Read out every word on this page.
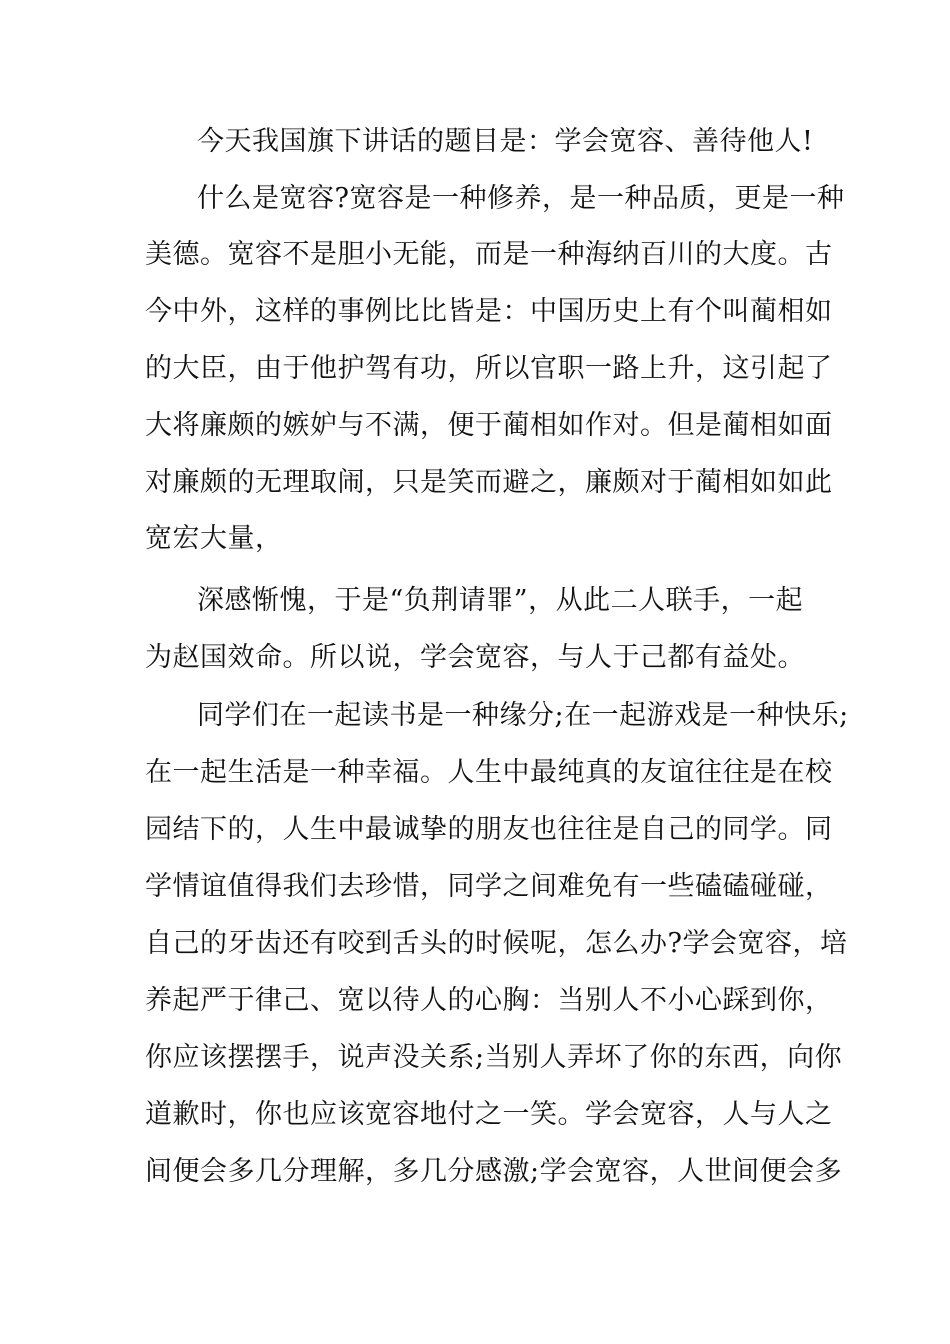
今天我国旗下讲话的题目是：学会宽容、善待他人!

什么是宽容?宽容是一种修养，是一种品质，更是一种

美德。宽容不是胆小无能，而是一种海纳百川的大度。古

今中外，这样的事例比比皆是：中国历史上有个叫蔺相如

的大臣，由于他护驾有功，所以官职一路上升，这引起了

大将廉颇的嫉妒与不满，便于蔺相如作对。但是蔺相如面

对廉颇的无理取闹，只是笑而避之，廉颇对于蔺相如如此

宽宏大量，

深感惭愧，于是“负荆请罪”，从此二人联手，一起

为赵国效命。所以说，学会宽容，与人于己都有益处。

同学们在一起读书是一种缘分;在一起游戏是一种快乐;

在一起生活是一种幸福。人生中最纯真的友谊往往是在校

园结下的，人生中最诚挚的朋友也往往是自己的同学。同

学情谊值得我们去珍惜，同学之间难免有一些磕磕碰碰，

自己的牙齿还有咬到舌头的时候呢，怎么办?学会宽容，培

养起严于律己、宽以待人的心胸：当别人不小心踩到你，

你应该摆摆手，说声没关系;当别人弄坏了你的东西，向你

道歉时，你也应该宽容地付之一笑。学会宽容，人与人之

间便会多几分理解，多几分感激;学会宽容，人世间便会多
